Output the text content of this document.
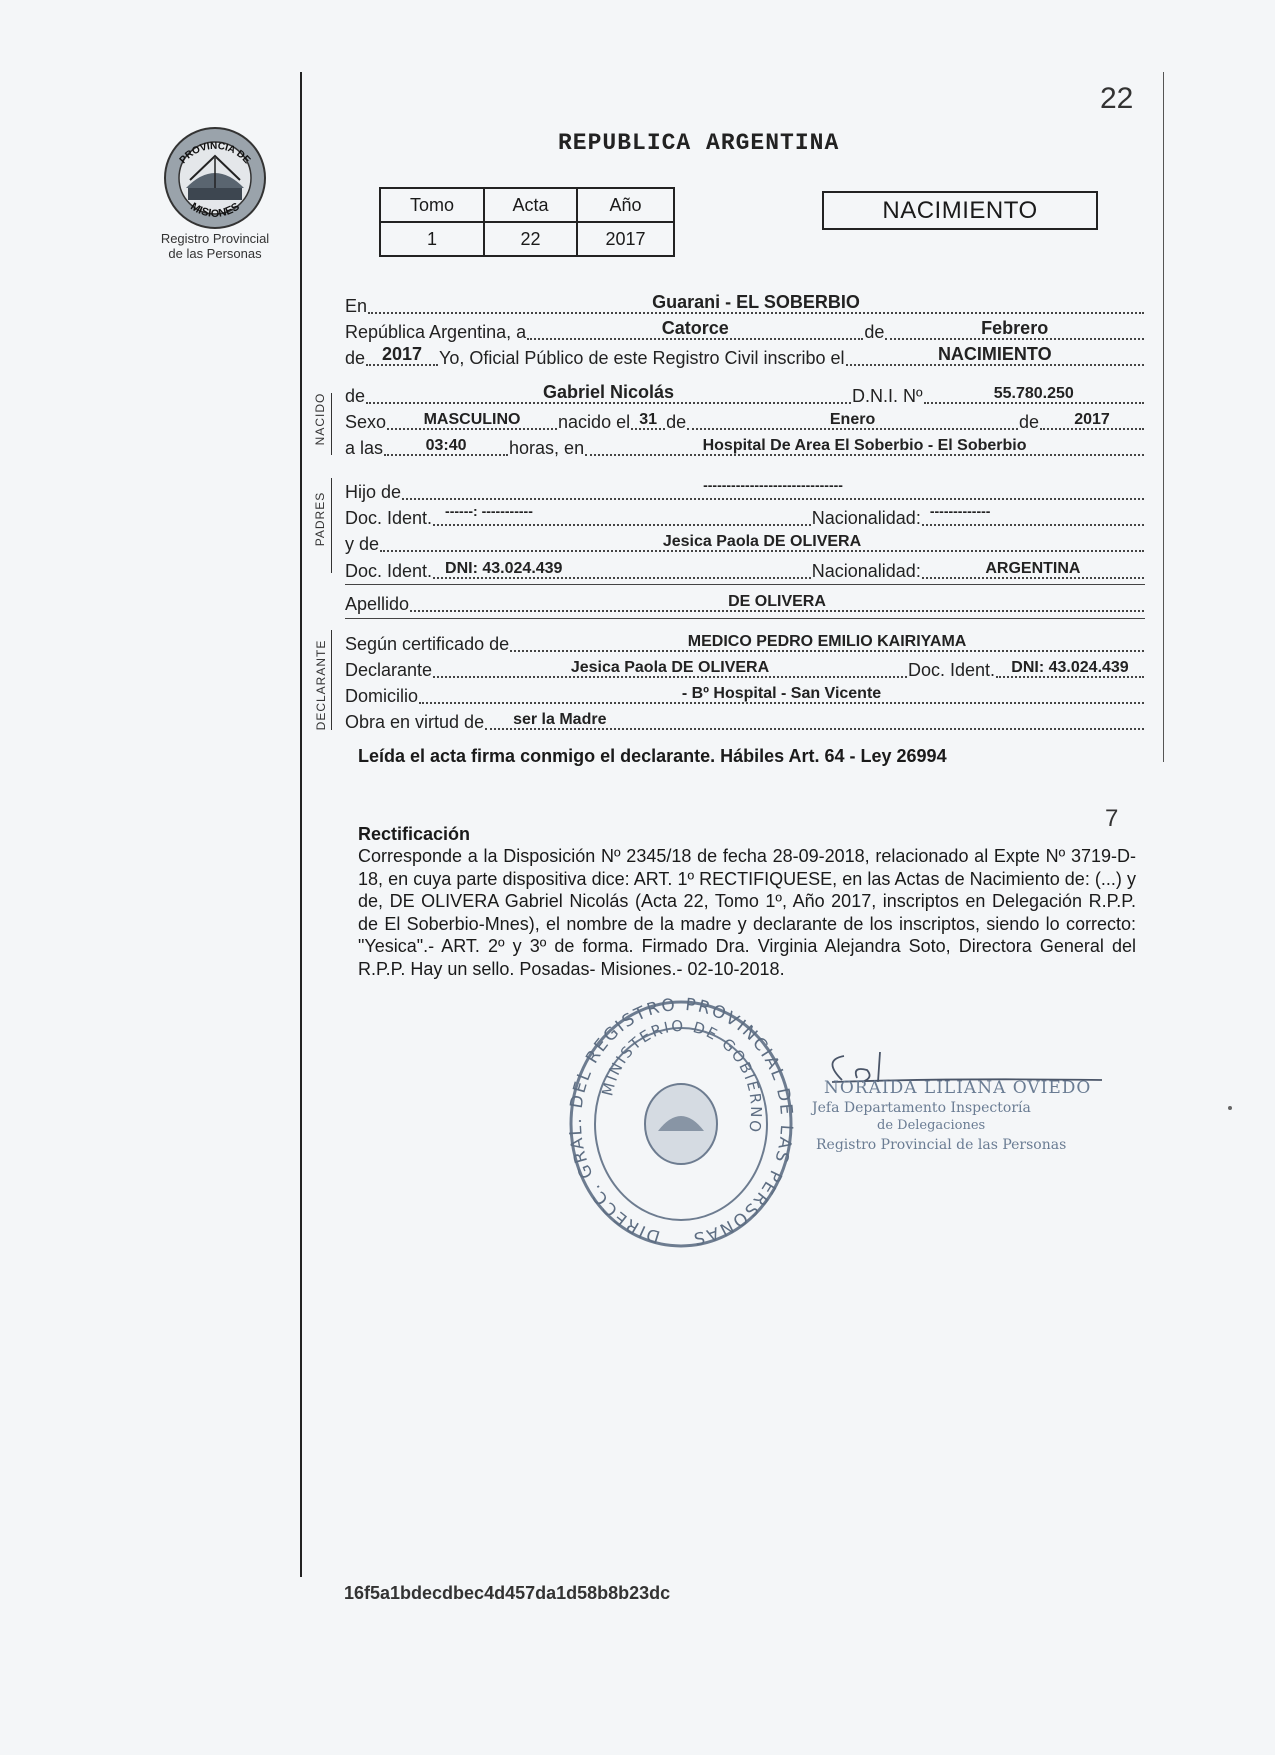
PROVINCIA DE
MISIONES
Registro Provincial
de las Personas
22
REPUBLICA ARGENTINA
Tomo	Acta	Año
1	22	2017
NACIMIENTO
En	Guarani - EL SOBERBIO
República Argentina, a	Catorce	de	Febrero
de 2017 Yo, Oficial Público de este Registro Civil inscribo el	NACIMIENTO
NACIDO de	Gabriel Nicolás	D.N.I. Nº	55.780.250
Sexo	MASCULINO	nacido el 31 de	Enero	de	2017
a las	03:40	horas, en	Hospital De Area El Soberbio - El Soberbio
PADRES Hijo de	------------------------------
Doc. Ident. ------: -----------	Nacionalidad: -------------
y de	Jesica Paola DE OLIVERA
Doc. Ident. DNI: 43.024.439	Nacionalidad:	ARGENTINA
Apellido	DE OLIVERA
DECLARANTE Según certificado de	MEDICO PEDRO EMILIO KAIRIYAMA
Declarante	Jesica Paola DE OLIVERA	Doc. Ident.	DNI: 43.024.439
Domicilio	- Bº Hospital - San Vicente
Obra en virtud de ser la Madre
Leída el acta firma conmigo el declarante. Hábiles Art. 64 - Ley 26994
7
Rectificación
Corresponde a la Disposición Nº 2345/18 de fecha 28-09-2018, relacionado al Expte Nº 3719-D-18, en cuya parte dispositiva dice: ART. 1º RECTIFIQUESE, en las Actas de Nacimiento de: (...) y de, DE OLIVERA Gabriel Nicolás (Acta 22, Tomo 1º, Año 2017, inscriptos en Delegación R.P.P. de El Soberbio-Mnes), el nombre de la madre y declarante de los inscriptos, siendo lo correcto: "Yesica".- ART. 2º y 3º de forma. Firmado Dra. Virginia Alejandra Soto, Directora General del R.P.P. Hay un sello. Posadas- Misiones.- 02-10-2018.
DIRECC. GRAL. DEL REGISTRO PROVINCIAL DE LAS PERSONAS
MINISTERIO DE GOBIERNO
NORAIDA LILIANA OVIEDO
Jefa Departamento Inspectoría
de Delegaciones
Registro Provincial de las Personas
16f5a1bdecdbec4d457da1d58b8b23dc
